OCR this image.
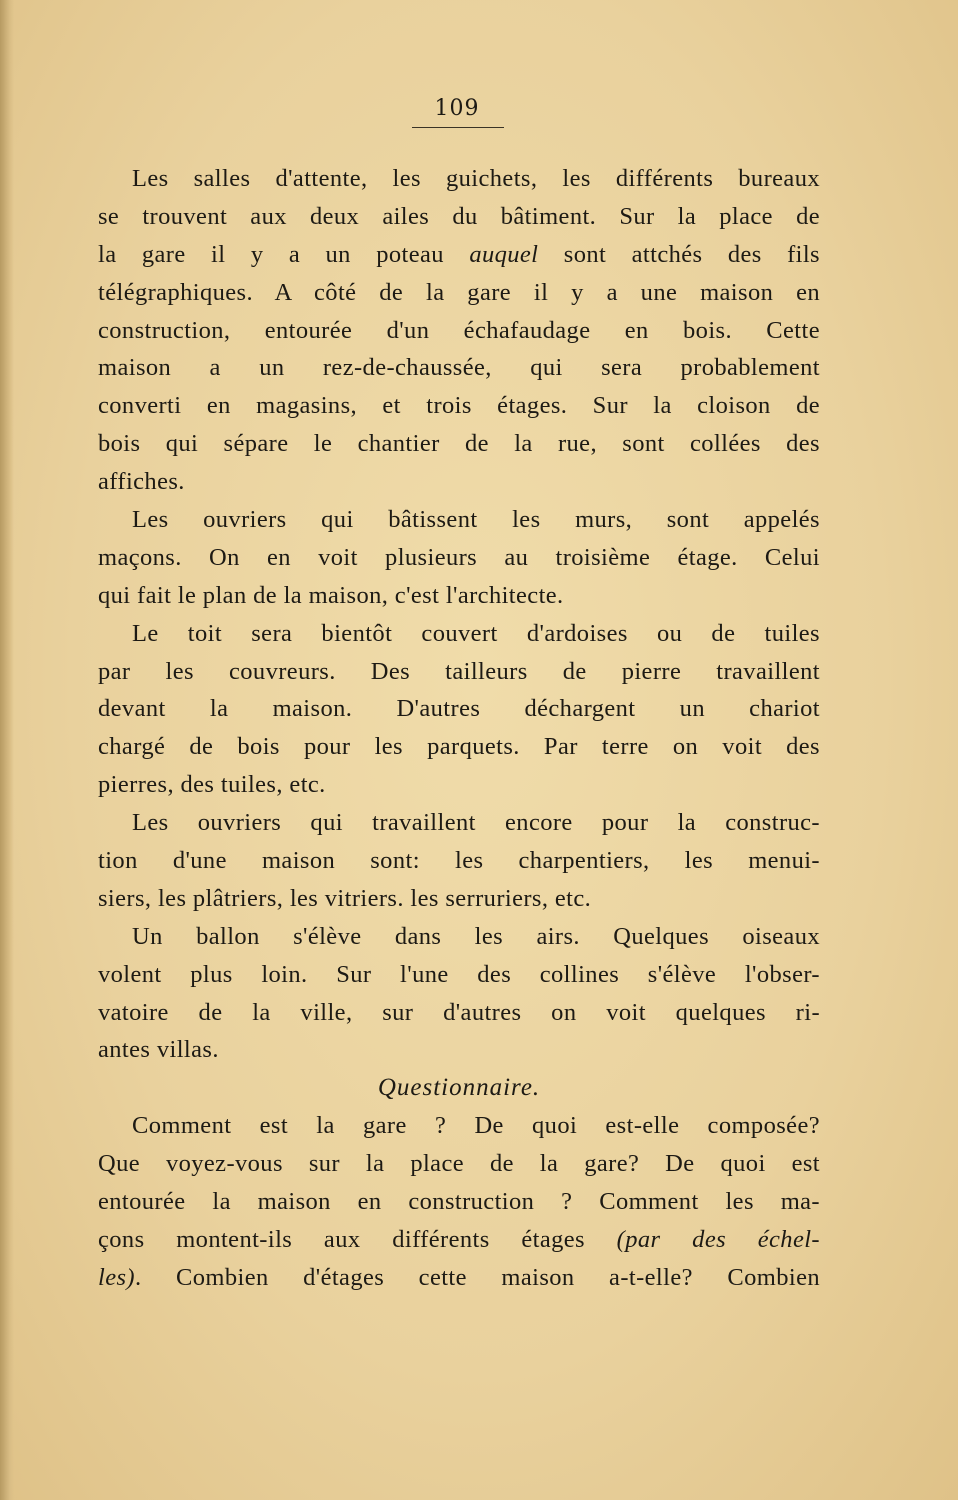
109
Les salles d'attente, les guichets, les différents bureaux
se trouvent aux deux ailes du bâtiment. Sur la place de
la gare il y a un poteau auquel sont attchés des fils
télégraphiques. A côté de la gare il y a une maison en
construction, entourée d'un échafaudage en bois. Cette
maison a un rez-de-chaussée, qui sera probablement
converti en magasins, et trois étages. Sur la cloison de
bois qui sépare le chantier de la rue, sont collées des
affiches.
Les ouvriers qui bâtissent les murs, sont appelés
maçons. On en voit plusieurs au troisième étage. Celui
qui fait le plan de la maison, c'est l'architecte.
Le toit sera bientôt couvert d'ardoises ou de tuiles
par les couvreurs. Des tailleurs de pierre travaillent
devant la maison. D'autres déchargent un chariot
chargé de bois pour les parquets. Par terre on voit des
pierres, des tuiles, etc.
Les ouvriers qui travaillent encore pour la construc-
tion d'une maison sont: les charpentiers, les menui-
siers, les plâtriers, les vitriers. les serruriers, etc.
Un ballon s'élève dans les airs. Quelques oiseaux
volent plus loin. Sur l'une des collines s'élève l'obser-
vatoire de la ville, sur d'autres on voit quelques ri-
antes villas.
Questionnaire.
Comment est la gare ? De quoi est-elle composée?
Que voyez-vous sur la place de la gare? De quoi est
entourée la maison en construction ? Comment les ma-
çons montent-ils aux différents étages (par des échel-
les). Combien d'étages cette maison a-t-elle? Combien
